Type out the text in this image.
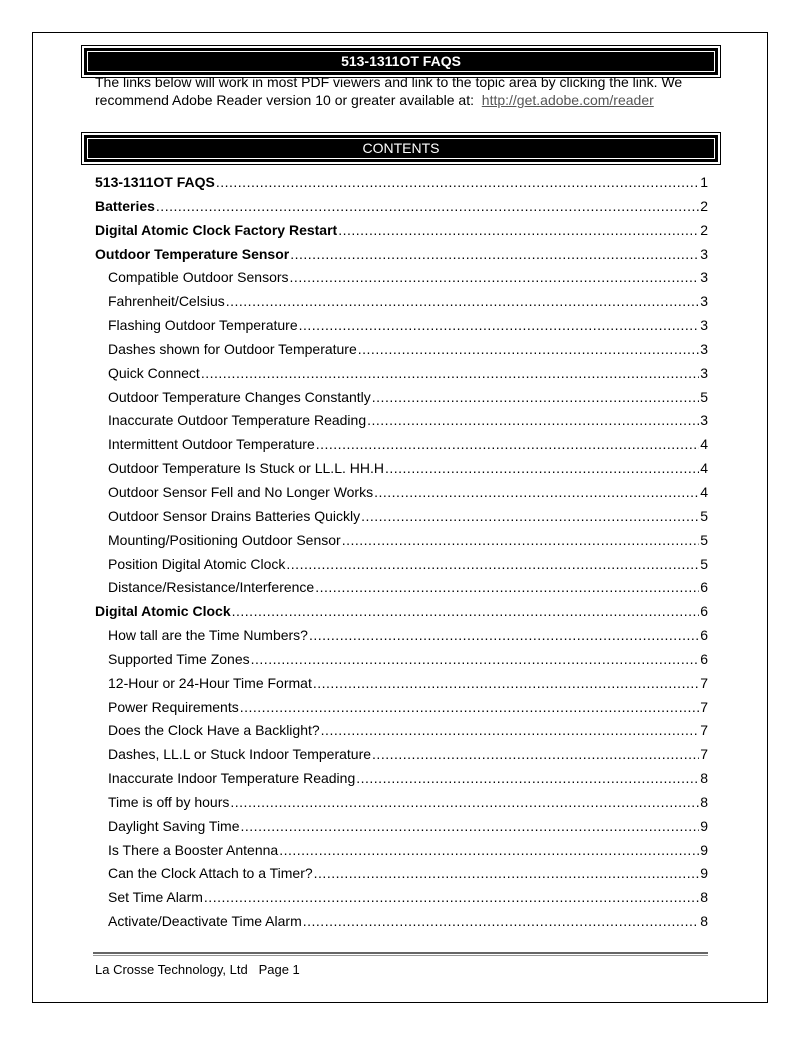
513-1311OT FAQS
The links below will work in most PDF viewers and link to the topic area by clicking the link. We
recommend Adobe Reader version 10 or greater available at: http://get.adobe.com/reader
CONTENTS
513-1311OT FAQS .....	1
Batteries .....	2
Digital Atomic Clock Factory Restart .....	2
Outdoor Temperature Sensor .....	3
Compatible Outdoor Sensors .....	3
Fahrenheit/Celsius .....	3
Flashing Outdoor Temperature .....	3
Dashes shown for Outdoor Temperature .....	3
Quick Connect .....	3
Outdoor Temperature Changes Constantly .....	5
Inaccurate Outdoor Temperature Reading .....	3
Intermittent Outdoor Temperature .....	4
Outdoor Temperature Is Stuck or LL.L. HH.H .....	4
Outdoor Sensor Fell and No Longer Works .....	4
Outdoor Sensor Drains Batteries Quickly .....	5
Mounting/Positioning Outdoor Sensor .....	5
Position Digital Atomic Clock .....	5
Distance/Resistance/Interference .....	6
Digital Atomic Clock .....	6
How tall are the Time Numbers? .....	6
Supported Time Zones .....	6
12-Hour or 24-Hour Time Format .....	7
Power Requirements .....	7
Does the Clock Have a Backlight? .....	7
Dashes, LL.L or Stuck Indoor Temperature .....	7
Inaccurate Indoor Temperature Reading .....	8
Time is off by hours .....	8
Daylight Saving Time .....	9
Is There a Booster Antenna .....	9
Can the Clock Attach to a Timer? .....	9
Set Time Alarm .....	8
Activate/Deactivate Time Alarm .....	8
La Crosse Technology, Ltd Page 1
